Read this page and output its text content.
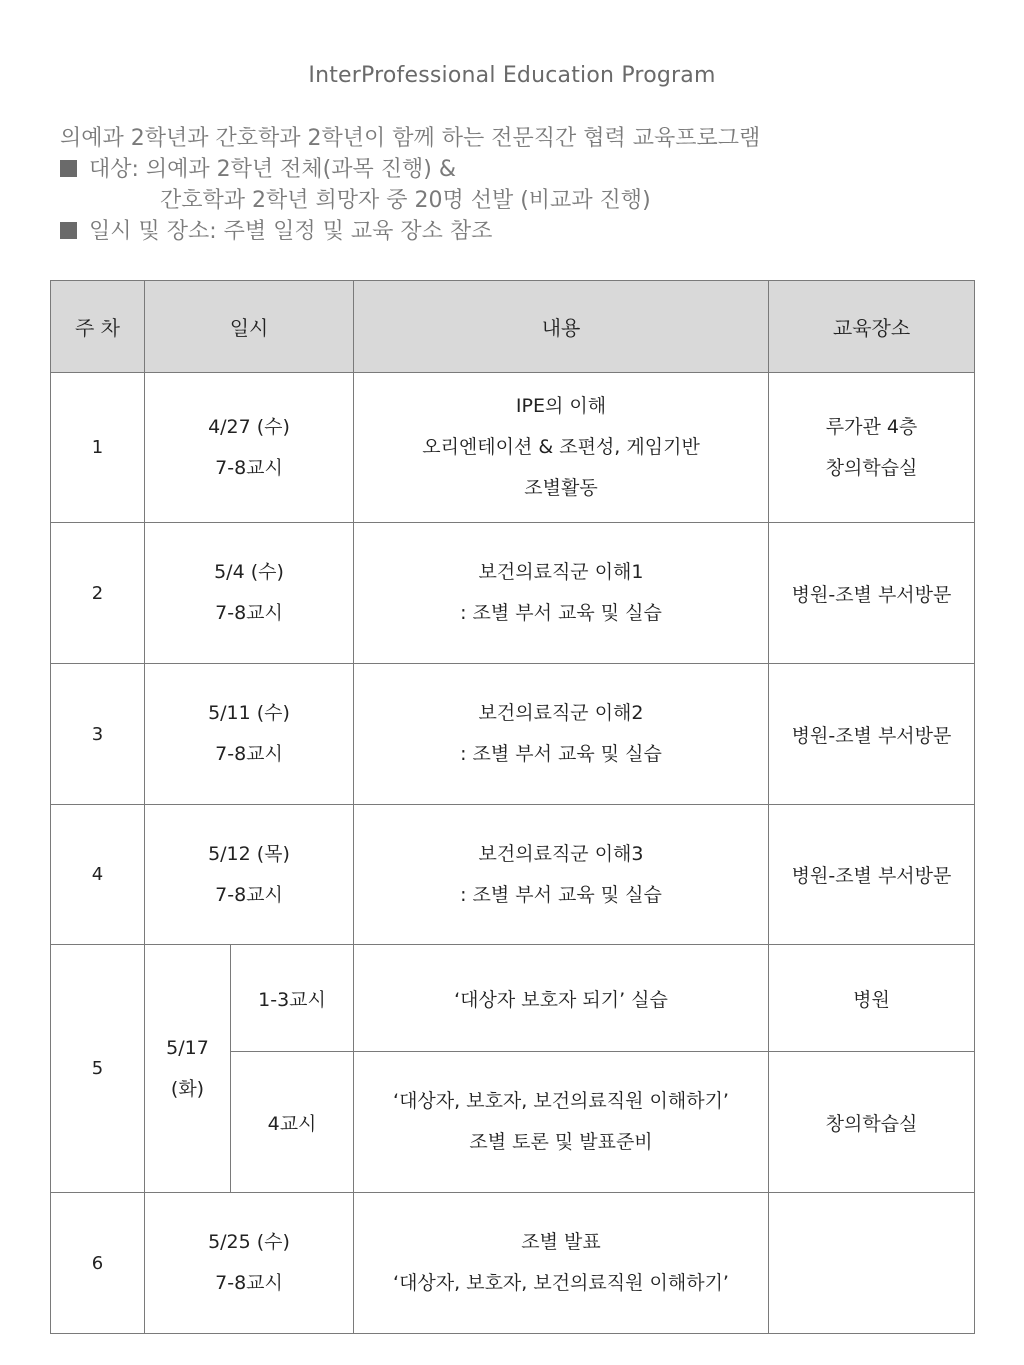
InterProfessional Education Program
의예과 2학년과 간호학과 2학년이 함께 하는 전문직간 협력 교육프로그램
대상: 의예과 2학년 전체(과목 진행) &
간호학과 2학년 희망자 중 20명 선발 (비교과 진행)
일시 및 장소: 주별 일정 및 교육 장소 참조
주 차	일시		내용	교육장소
1	4/27 (수)
7-8교시		IPE의 이해
오리엔테이션 & 조편성, 게임기반
조별활동	루가관 4층
창의학습실

2	5/4 (수)
7-8교시		보건의료직군 이해1
: 조별 부서 교육 및 실습	병원-조별 부서방문
3	5/11 (수)
7-8교시		보건의료직군 이해2
: 조별 부서 교육 및 실습	병원-조별 부서방문
4	5/12 (목)
7-8교시		보건의료직군 이해3
: 조별 부서 교육 및 실습	병원-조별 부서방문
5	5/17
(화)	1-3교시	‘대상자 보호자 되기’ 실습	병원
		4교시	‘대상자, 보호자, 보건의료직원 이해하기’
조별 토론 및 발표준비	창의학습실
6	5/25 (수)
7-8교시		조별 발표
‘대상자, 보호자, 보건의료직원 이해하기’	
